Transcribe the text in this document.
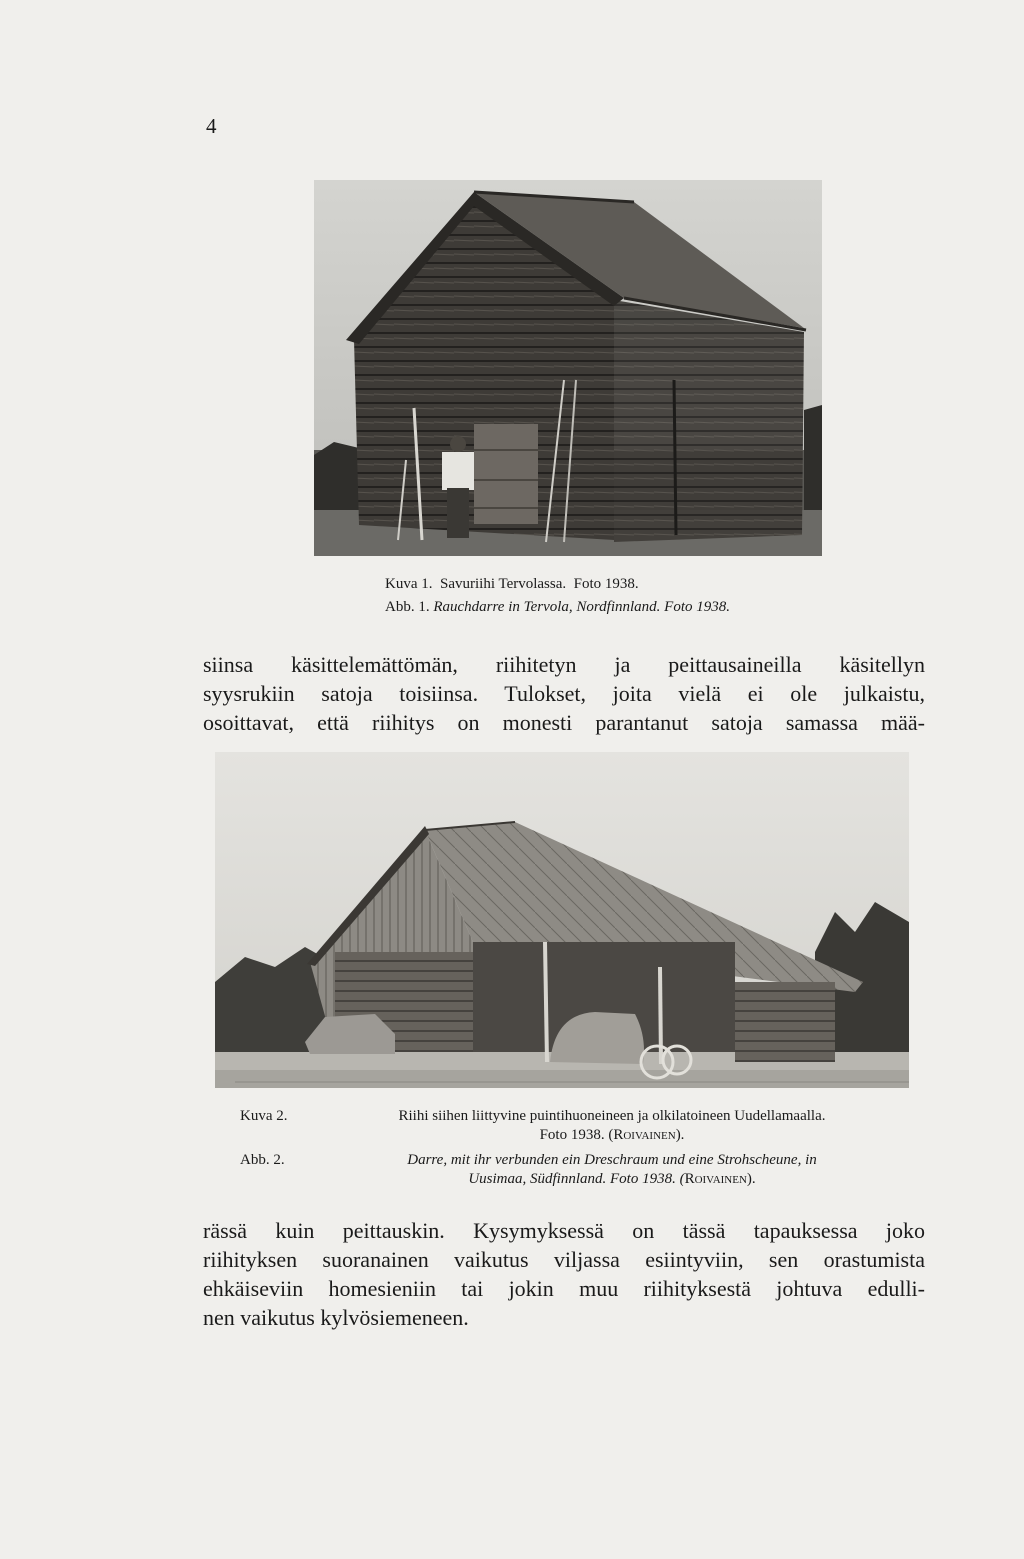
4
Kuva 1.  Savuriihi Tervolassa.  Foto 1938.
Abb. 1. Rauchdarre in Tervola, Nordfinnland. Foto 1938.
siinsa käsittelemättömän, riihitetyn ja peittausaineilla käsitellyn
syysrukiin satoja toisiinsa. Tulokset, joita vielä ei ole julkaistu,
osoittavat, että riihitys on monesti parantanut satoja samassa mää-
Kuva 2.	Riihi siihen liittyvine puintihuoneineen ja olkilatoineen Uudellamaalla.
Foto 1938. (Roivainen).
Abb. 2.	Darre, mit ihr verbunden ein Dreschraum und eine Strohscheune, in
Uusimaa, Südfinnland. Foto 1938. (Roivainen).
rässä kuin peittauskin. Kysymyksessä on tässä tapauksessa joko
riihityksen suoranainen vaikutus viljassa esiintyviin, sen orastumista
ehkäiseviin homesieniin tai jokin muu riihityksestä johtuva edulli-
nen vaikutus kylvösiemeneen.
